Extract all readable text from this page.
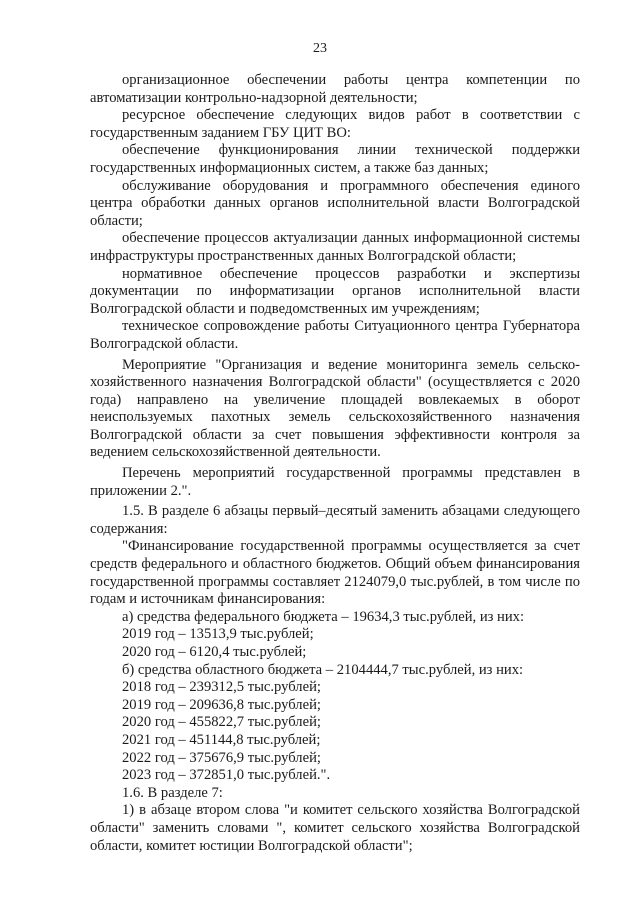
23

организационное обеспечении работы центра компетенции по автоматизации контрольно-надзорной деятельности;

ресурсное обеспечение следующих видов работ в соответствии с государственным заданием ГБУ ЦИТ ВО:

обеспечение функционирования линии технической поддержки государственных информационных систем, а также баз данных;

обслуживание оборудования и программного обеспечения единого центра обработки данных органов исполнительной власти Волгоградской области;

обеспечение процессов актуализации данных информационной системы инфраструктуры пространственных данных Волгоградской области;

нормативное обеспечение процессов разработки и экспертизы документации по информатизации органов исполнительной власти Волгоградской области и подведомственных им учреждениям;

техническое сопровождение работы Ситуационного центра Губернатора Волгоградской области.

Мероприятие "Организация и ведение мониторинга земель сельско-хозяйственного назначения Волгоградской области" (осуществляется с 2020 года) направлено на увеличение площадей вовлекаемых в оборот неиспользуемых пахотных земель сельскохозяйственного назначения Волгоградской области за счет повышения эффективности контроля за ведением сельскохозяйственной деятельности.

Перечень мероприятий государственной программы представлен в приложении 2.".

1.5. В разделе 6 абзацы первый–десятый заменить абзацами следующего содержания:

"Финансирование государственной программы осуществляется за счет средств федерального и областного бюджетов. Общий объем финансирования государственной программы составляет 2124079,0 тыс.рублей, в том числе по годам и источникам финансирования:

а) средства федерального бюджета – 19634,3 тыс.рублей, из них:

2019 год – 13513,9 тыс.рублей;

2020 год – 6120,4 тыс.рублей;

б) средства областного бюджета – 2104444,7 тыс.рублей, из них:

2018 год – 239312,5 тыс.рублей;

2019 год – 209636,8 тыс.рублей;

2020 год – 455822,7 тыс.рублей;

2021 год – 451144,8 тыс.рублей;

2022 год – 375676,9 тыс.рублей;

2023 год – 372851,0 тыс.рублей.".

1.6. В разделе 7:

1) в абзаце втором слова "и комитет сельского хозяйства Волгоградской области" заменить словами ", комитет сельского хозяйства Волгоградской области, комитет юстиции Волгоградской области";
